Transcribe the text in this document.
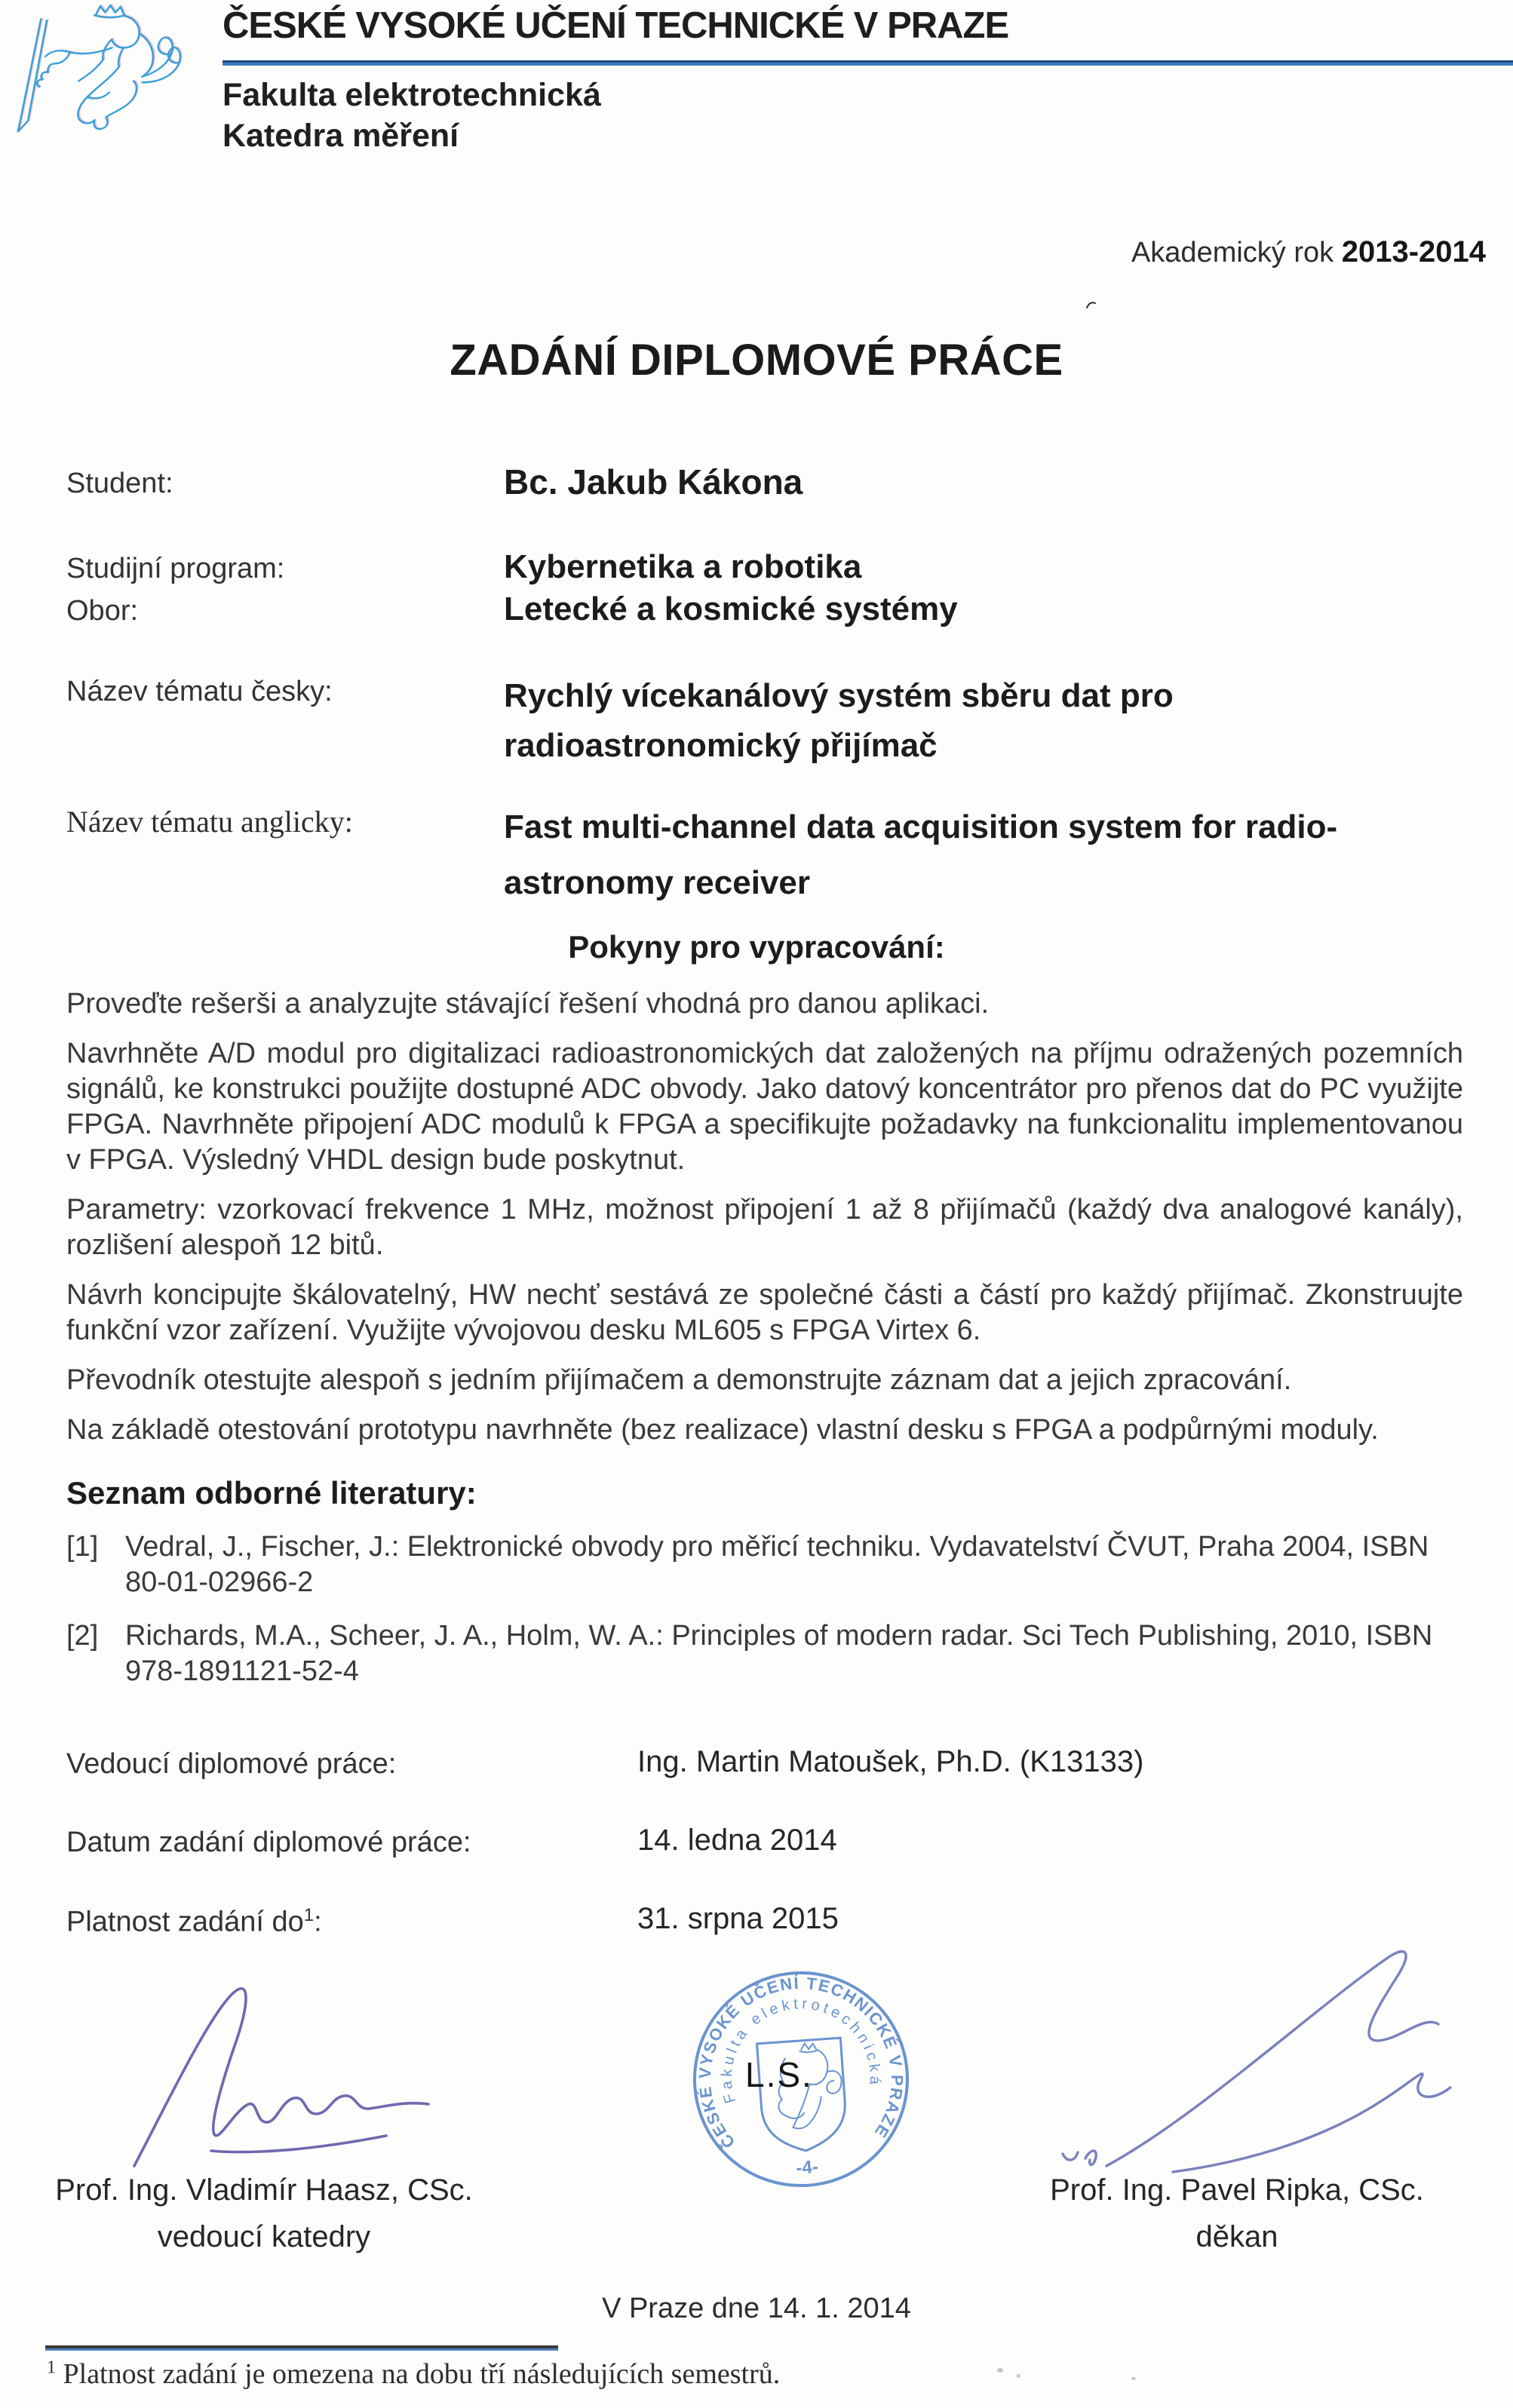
ČESKÉ VYSOKÉ UČENÍ TECHNICKÉ V PRAZE
Fakulta elektrotechnická
Katedra měření
Akademický rok 2013-2014
ZADÁNÍ DIPLOMOVÉ PRÁCE
Student:	Bc. Jakub Kákona
Studijní program:	Kybernetika a robotika
Obor:	Letecké a kosmické systémy
Název tématu česky:	Rychlý vícekanálový systém sběru dat pro radioastronomický přijímač
Název tématu anglicky:	Fast multi-channel data acquisition system for radio-astronomy receiver
Pokyny pro vypracování:

Proveďte rešerši a analyzujte stávající řešení vhodná pro danou aplikaci.

Navrhněte A/D modul pro digitalizaci radioastronomických dat založených na příjmu odražených pozemních signálů, ke konstrukci použijte dostupné ADC obvody. Jako datový koncentrátor pro přenos dat do PC využijte FPGA. Navrhněte připojení ADC modulů k FPGA a specifikujte požadavky na funkcionalitu implementovanou v FPGA. Výsledný VHDL design bude poskytnut.

Parametry: vzorkovací frekvence 1 MHz, možnost připojení 1 až 8 přijímačů (každý dva analogové kanály), rozlišení alespoň 12 bitů.

Návrh koncipujte škálovatelný, HW nechť sestává ze společné části a částí pro každý přijímač. Zkonstruujte funkční vzor zařízení. Využijte vývojovou desku ML605 s FPGA Virtex 6.

Převodník otestujte alespoň s jedním přijímačem a demonstrujte záznam dat a jejich zpracování.

Na základě otestování prototypu navrhněte (bez realizace) vlastní desku s FPGA a podpůrnými moduly.

Seznam odborné literatury:
[1] Vedral, J., Fischer, J.: Elektronické obvody pro měřicí techniku. Vydavatelství ČVUT, Praha 2004, ISBN 80-01-02966-2
[2] Richards, M.A., Scheer, J. A., Holm, W. A.: Principles of modern radar. Sci Tech Publishing, 2010, ISBN 978-1891121-52-4
Vedoucí diplomové práce:	Ing. Martin Matoušek, Ph.D. (K13133)
Datum zadání diplomové práce:	14. ledna 2014
Platnost zadání $do^1$:	31. srpna 2015
ČESKÉ VYSOKÉ UČENÍ TECHNICKÉ V PRAZE
Fakulta elektrotechnická
-4-
L.S.
Prof. Ing. Vladimír Haasz, CSc.
vedoucí katedry
Prof. Ing. Pavel Ripka, CSc.
děkan
V Praze dne 14. 1. 2014
$^1$ Platnost zadání je omezena na dobu tří následujících semestrů.
